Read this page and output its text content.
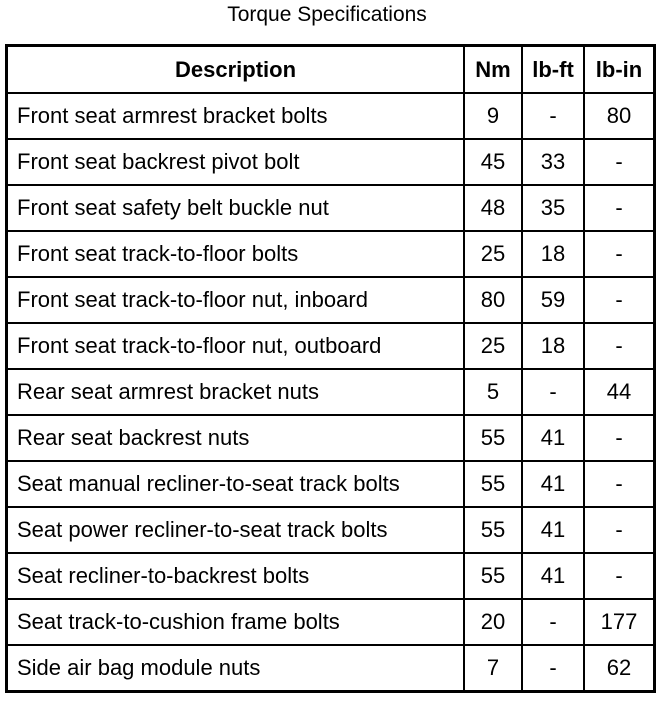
Torque Specifications
Description	Nm	lb-ft	lb-in
Front seat armrest bracket bolts	9	-	80
Front seat backrest pivot bolt	45	33	-
Front seat safety belt buckle nut	48	35	-
Front seat track-to-floor bolts	25	18	-
Front seat track-to-floor nut, inboard	80	59	-
Front seat track-to-floor nut, outboard	25	18	-
Rear seat armrest bracket nuts	5	-	44
Rear seat backrest nuts	55	41	-
Seat manual recliner-to-seat track bolts	55	41	-
Seat power recliner-to-seat track bolts	55	41	-
Seat recliner-to-backrest bolts	55	41	-
Seat track-to-cushion frame bolts	20	-	177
Side air bag module nuts	7	-	62
